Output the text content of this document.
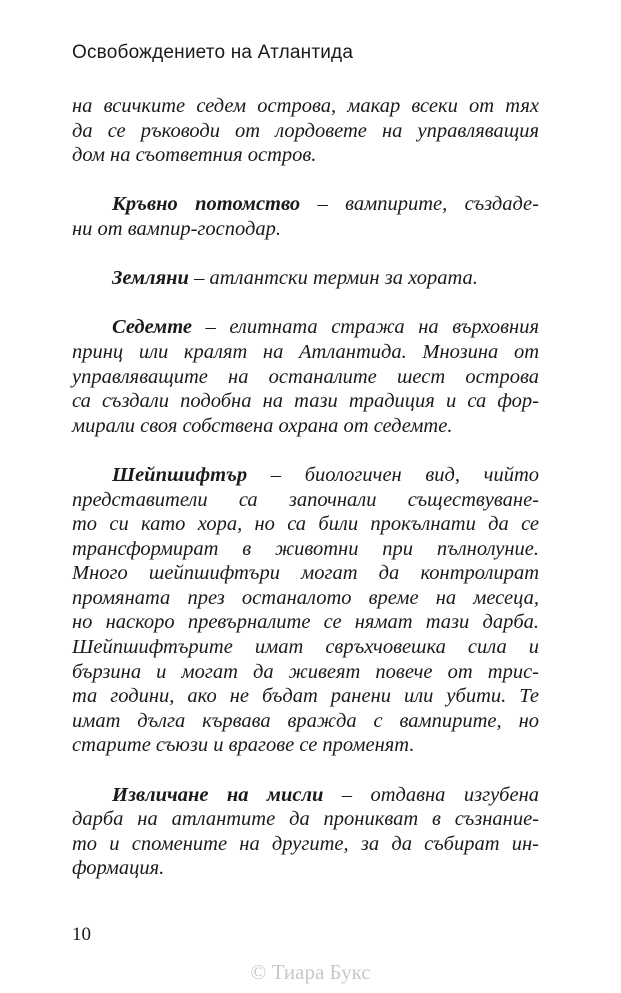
Освобождението на Атлантида

на всичките седем острова, макар всеки от тях
да се ръководи от лордовете на управляващия
дом на съответния остров.

Кръвно потомство – вампирите, създаде-
ни от вампир-господар.

Земляни – атлантски термин за хората.

Седемте – елитната стража на върховния
принц или кралят на Атлантида. Мнозина от
управляващите на останалите шест острова
са създали подобна на тази традиция и са фор-
мирали своя собствена охрана от седемте.

Шейпшифтър – биологичен вид, чийто
представители са започнали съществуване-
то си като хора, но са били прокълнати да се
трансформират в животни при пълнолуние.
Много шейпшифтъри могат да контролират
промяната през останалото време на месеца,
но наскоро превърналите се нямат тази дарба.
Шейпшифтърите имат свръхчовешка сила и
бързина и могат да живеят повече от трис-
та години, ако не бъдат ранени или убити. Те
имат дълга кървава вражда с вампирите, но
старите съюзи и врагове се променят.

Извличане на мисли – отдавна изгубена
дарба на атлантите да проникват в съзнание-
то и спомените на другите, за да събират ин-
формация.

10
© Тиара Букс
